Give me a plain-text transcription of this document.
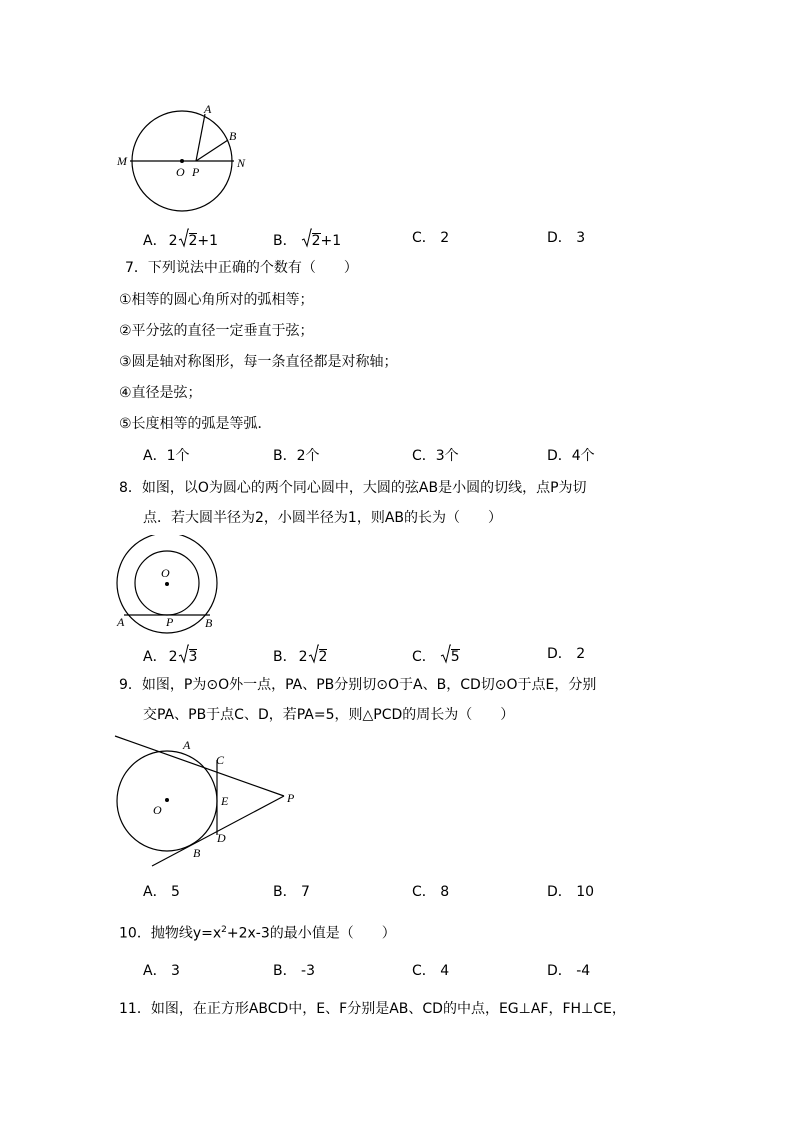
A
B
M	N
O P
A． 2 2 +1	B． 2 +1	C． 2	D． 3
7．下列说法中正确的个数有（　　）
①相等的圆心角所对的弧相等；
②平分弦的直径一定垂直于弦；
③圆是轴对称图形，每一条直径都是对称轴；
④直径是弦；
⑤长度相等的弧是等弧．
A．1个	B．2个	C．3个	D．4个
8．如图，以O为圆心的两个同心圆中，大圆的弦AB是小圆的切线，点P为切
点．若大圆半径为2，小圆半径为1，则AB的长为（　　）
O
A	P	B
A． 2 3	B． 2 2	C． 5	D． 2
9．如图，P为⊙O外一点，PA、PB分别切⊙O于A、B，CD切⊙O于点E，分别
交PA、PB于点C、D，若PA=5，则△PCD的周长为（　　）
A
C
O
E	P
D
B
A． 5	B． 7	C． 8	D． 10
10．抛物线$y=x^2+2x-3$的最小值是（　　）
A． 3	B． -3	C． 4	D． -4
11．如图，在正方形ABCD中，E、F分别是AB、CD的中点，EG⊥AF，FH⊥CE，
